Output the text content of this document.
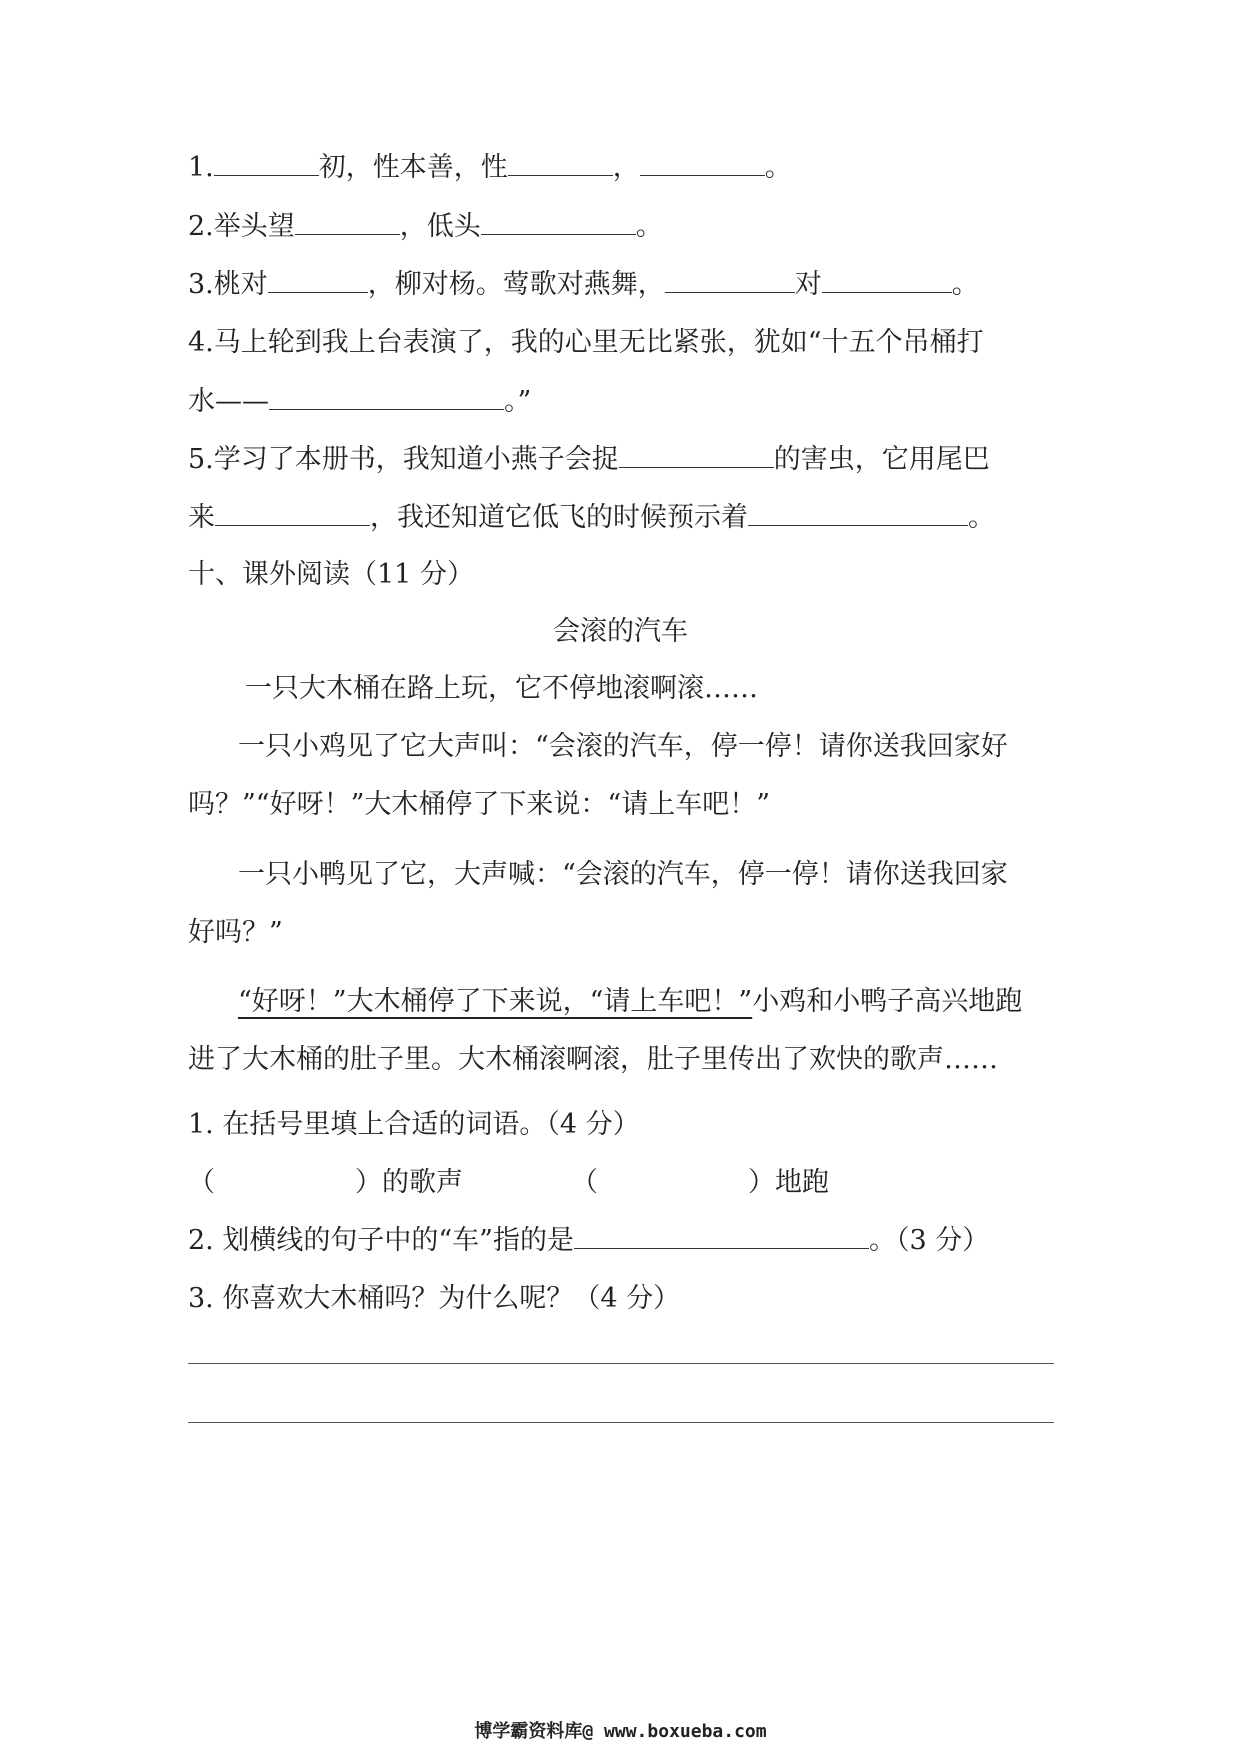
1.	初，性本善，性	，	。
2.举头望	，低头	。
3.桃对	，柳对杨。莺歌对燕舞，	对	。
4.马上轮到我上台表演了，我的心里无比紧张，犹如“十五个吊桶打
水——	。”
5.学习了本册书，我知道小燕子会捉	的害虫，它用尾巴
来	，我还知道它低飞的时候预示着	。
十、课外阅读（11 分）
会滚的汽车
一只大木桶在路上玩，它不停地滚啊滚……
一只小鸡见了它大声叫：“会滚的汽车，停一停！请你送我回家好
吗？”“好呀！”大木桶停了下来说：“请上车吧！”
一只小鸭见了它，大声喊：“会滚的汽车，停一停！请你送我回家
好吗？”
“好呀！”大木桶停了下来说，“请上车吧！”小鸡和小鸭子高兴地跑
进了大木桶的肚子里。大木桶滚啊滚，肚子里传出了欢快的歌声……
1. 在括号里填上合适的词语。（4 分）
（	）的歌声	（	）地跑
2. 划横线的句子中的“车”指的是	。（3 分）
3. 你喜欢大木桶吗？为什么呢？（4 分）
博学霸资料库@ www.boxueba.com
